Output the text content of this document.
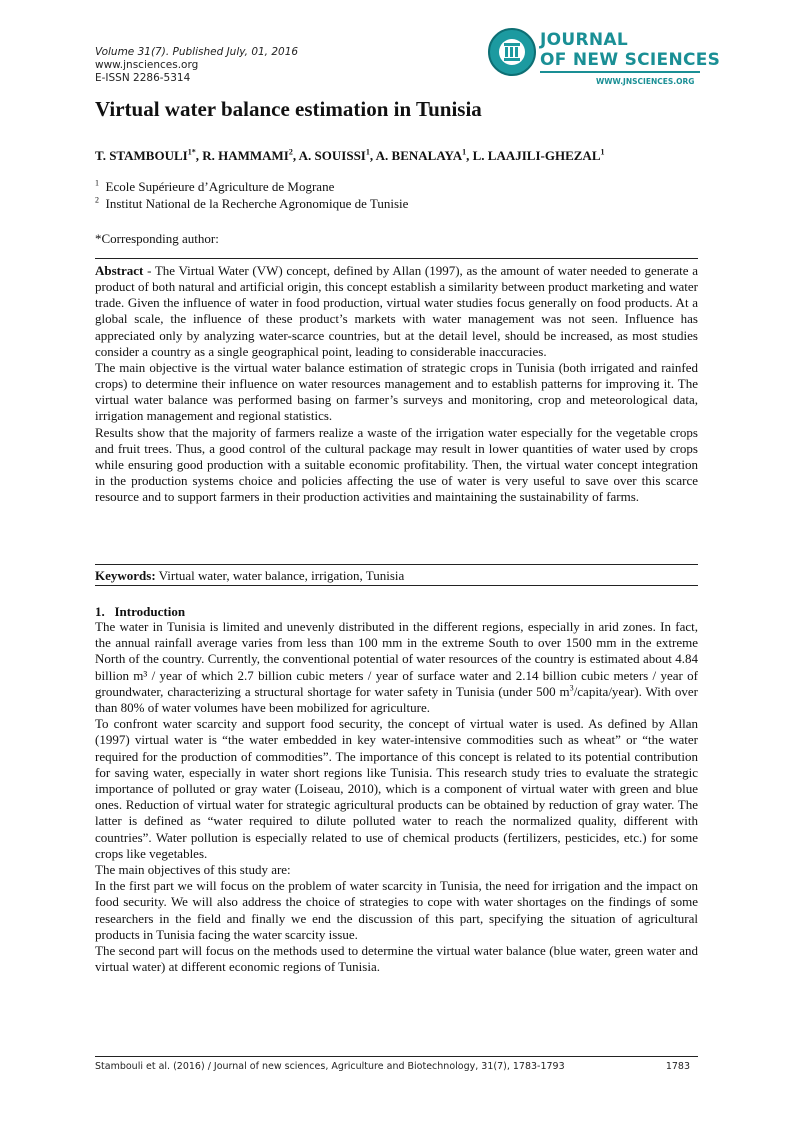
Volume 31(7). Published July, 01, 2016
www.jnsciences.org
E-ISSN 2286-5314
JOURNAL
OF NEW SCIENCES
WWW.JNSCIENCES.ORG
Virtual water balance estimation in Tunisia
T. $STAMBOULI^{1*}$, R. HAMMAMI$^2$, A. SOUISSI$^1$, A. BENALAYA$^1$, L. LAAJILI-GHEZAL$^1$
$^1$ Ecole Supérieure d’Agriculture de Mograne
$^2$ Institut National de la Recherche Agronomique de Tunisie
*Corresponding author:

Abstract - The Virtual Water (VW) concept, defined by Allan (1997), as the amount of water needed to generate a product of both natural and artificial origin, this concept establish a similarity between product marketing and water trade. Given the influence of water in food production, virtual water studies focus generally on food products. At a global scale, the influence of these product’s markets with water management was not seen. Influence has appreciated only by analyzing water-scarce countries, but at the detail level, should be increased, as most studies consider a country as a single geographical point, leading to considerable inaccuracies.

The main objective is the virtual water balance estimation of strategic crops in Tunisia (both irrigated and rainfed crops) to determine their influence on water resources management and to establish patterns for improving it. The virtual water balance was performed basing on farmer’s surveys and monitoring, crop and meteorological data, irrigation management and regional statistics.

Results show that the majority of farmers realize a waste of the irrigation water especially for the vegetable crops and fruit trees. Thus, a good control of the cultural package may result in lower quantities of water used by crops while ensuring good production with a suitable economic profitability. Then, the virtual water concept integration in the production systems choice and policies affecting the use of water is very useful to save over this scarce resource and to support farmers in their production activities and maintaining the sustainability of farms.

Keywords: Virtual water, water balance, irrigation, Tunisia
1. Introduction

The water in Tunisia is limited and unevenly distributed in the different regions, especially in arid zones. In fact, the annual rainfall average varies from less than 100 mm in the extreme South to over 1500 mm in the extreme North of the country. Currently, the conventional potential of water resources of the country is estimated about 4.84 billion m³ / year of which 2.7 billion cubic meters / year of surface water and 2.14 billion cubic meters / year of groundwater, characterizing a structural shortage for water safety in Tunisia (under 500 $m^3/capita/year$). With over than 80% of water volumes have been mobilized for agriculture.

To confront water scarcity and support food security, the concept of virtual water is used. As defined by Allan (1997) virtual water is “the water embedded in key water-intensive commodities such as wheat” or “the water required for the production of commodities”. The importance of this concept is related to its potential contribution for saving water, especially in water short regions like Tunisia. This research study tries to evaluate the strategic importance of polluted or gray water (Loiseau, 2010), which is a component of virtual water with green and blue ones. Reduction of virtual water for strategic agricultural products can be obtained by reduction of gray water. The latter is defined as “water required to dilute polluted water to reach the normalized quality, different with countries”. Water pollution is especially related to use of chemical products (fertilizers, pesticides, etc.) for some crops like vegetables.

The main objectives of this study are:

In the first part we will focus on the problem of water scarcity in Tunisia, the need for irrigation and the impact on food security. We will also address the choice of strategies to cope with water shortages on the findings of some researchers in the field and finally we end the discussion of this part, specifying the situation of agricultural products in Tunisia facing the water scarcity issue.

The second part will focus on the methods used to determine the virtual water balance (blue water, green water and virtual water) at different economic regions of Tunisia.

Stambouli et al. (2016) / Journal of new sciences, Agriculture and Biotechnology, 31(7), 1783-1793	1783
